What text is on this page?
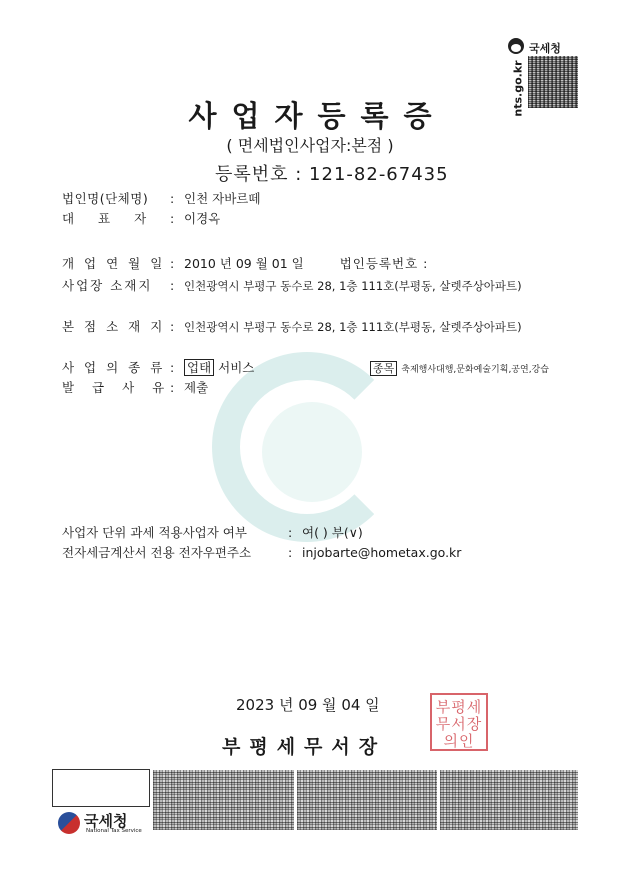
국세청
nts.go.kr
사업자등록증
( 면세법인사업자:본점 )
등록번호 : 121-82-67435
법인명(단체명) : 인천 자바르떼
대 표 자 : 이경옥
개 업 연 월 일 : 2010 년 09 월 01 일	법인등록번호 :
사업장 소재지 : 인천광역시 부평구 동수로 28, 1층 111호(부평동, 살렛주상아파트)
본 점 소 재 지 : 인천광역시 부평구 동수로 28, 1층 111호(부평동, 살렛주상아파트)
사 업 의 종 류 : 업태 서비스	종목 축제행사대행,문화예술기획,공연,강습
발 급 사 유: 제출
사업자 단위 과세 적용사업자 여부	: 여( ) 부(∨)
전자세금계산서 전용 전자우편주소	: injobarte@hometax.go.kr
2023 년 09 월 04 일
부평세무서장
부평세무서장의인
국세청
National Tax Service
